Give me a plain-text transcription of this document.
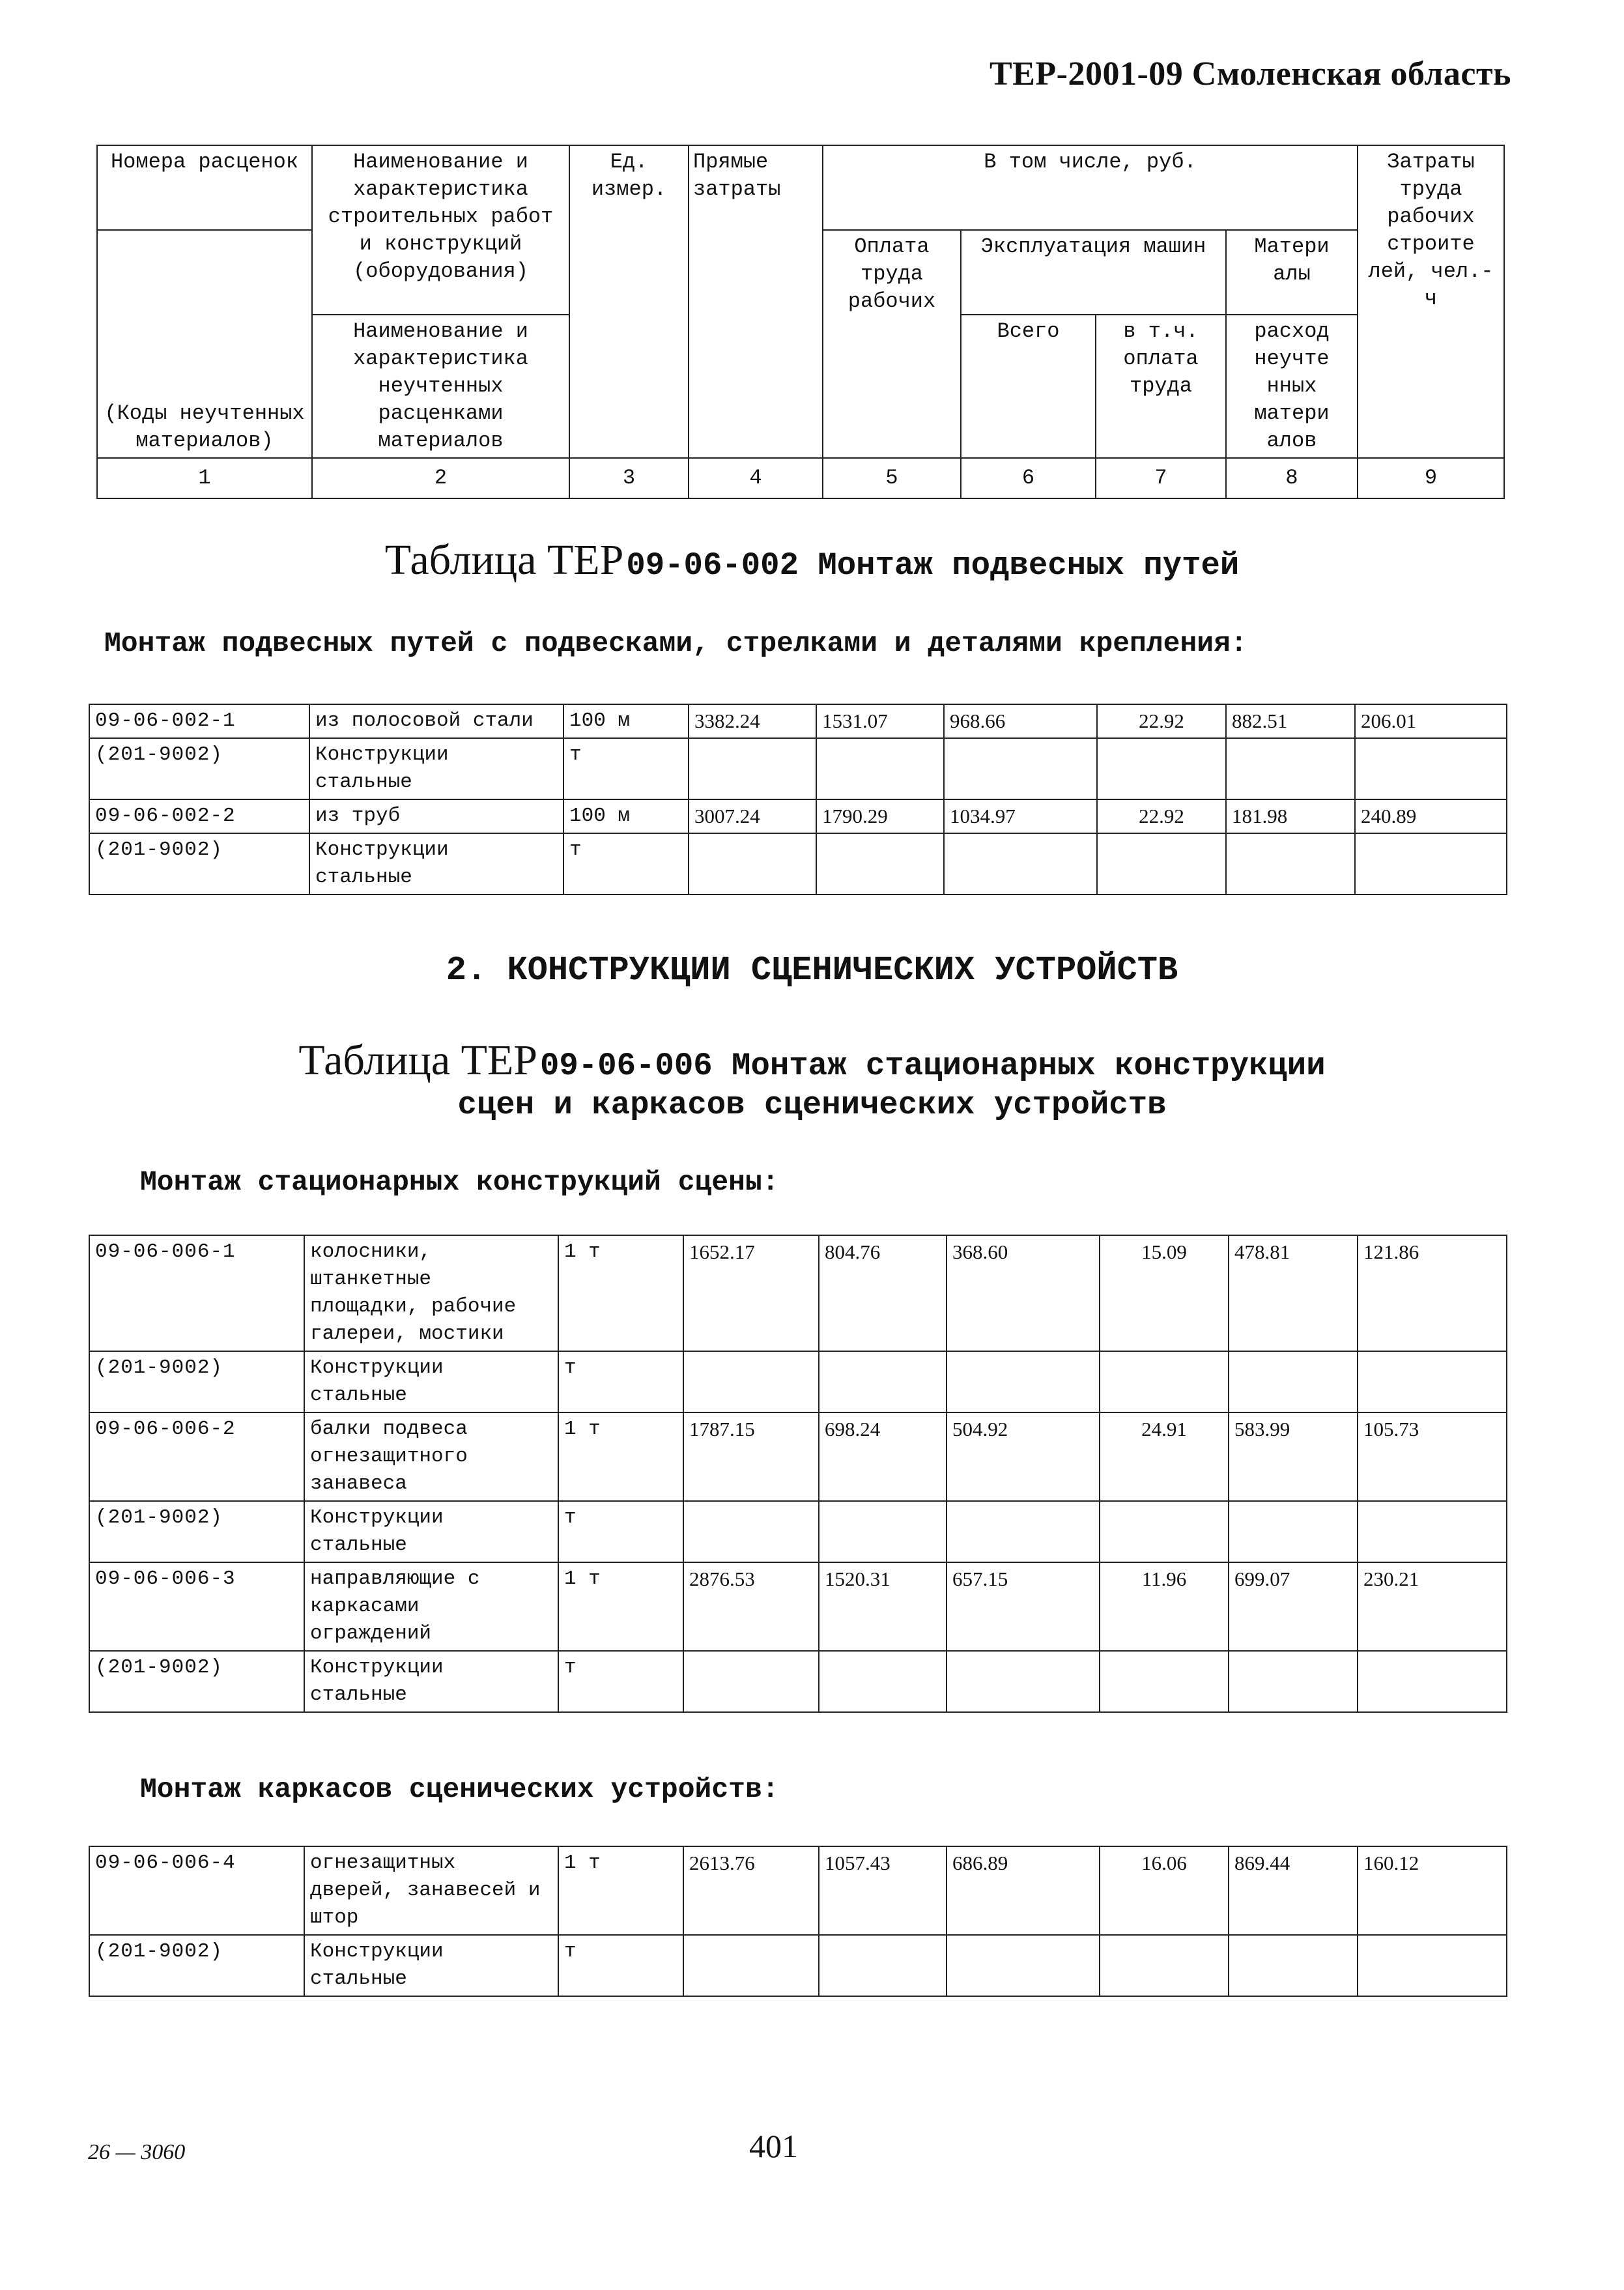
ТЕР-2001-09 Смоленская область
Номера расценок	Наименование и характеристика строительных работ и конструкций (оборудования)	Ед. измер.	Прямые затраты	В том числе, руб.				Затраты труда рабочих строите лей, чел.-ч
(Коды неучтенных материалов)				Оплата труда рабочих	Эксплуатация машин		Матери алы	
	Наименование и характеристика неучтенных расценками материалов				Всего	в т.ч. оплата труда	расход неучте нных матери алов	

1	2	3	4	5	6	7	8	9
Таблица ТЕР 09-06-002 Монтаж подвесных путей
Монтаж подвесных путей с подвесками, стрелками и деталями крепления:
09-06-002-1	из полосовой стали	100 м	3382.24	1531.07	968.66	22.92	882.51	206.01
(201-9002)	Конструкции стальные	т						
09-06-002-2	из труб	100 м	3007.24	1790.29	1034.97	22.92	181.98	240.89
(201-9002)	Конструкции стальные	т						
2. КОНСТРУКЦИИ СЦЕНИЧЕСКИХ УСТРОЙСТВ
Таблица ТЕР 09-06-006 Монтаж стационарных конструкции
сцен и каркасов сценических устройств
Монтаж стационарных конструкций сцены:
09-06-006-1	колосники, штанкетные площадки, рабочие галереи, мостики	1 т	1652.17	804.76	368.60	15.09	478.81	121.86
(201-9002)	Конструкции стальные	т						
09-06-006-2	балки подвеса огнезащитного занавеса	1 т	1787.15	698.24	504.92	24.91	583.99	105.73
(201-9002)	Конструкции стальные	т						
09-06-006-3	направляющие с каркасами ограждений	1 т	2876.53	1520.31	657.15	11.96	699.07	230.21
(201-9002)	Конструкции стальные	т						
Монтаж каркасов сценических устройств:
09-06-006-4	огнезащитных дверей, занавесей и штор	1 т	2613.76	1057.43	686.89	16.06	869.44	160.12
(201-9002)	Конструкции стальные	т						
26 — 3060	401
